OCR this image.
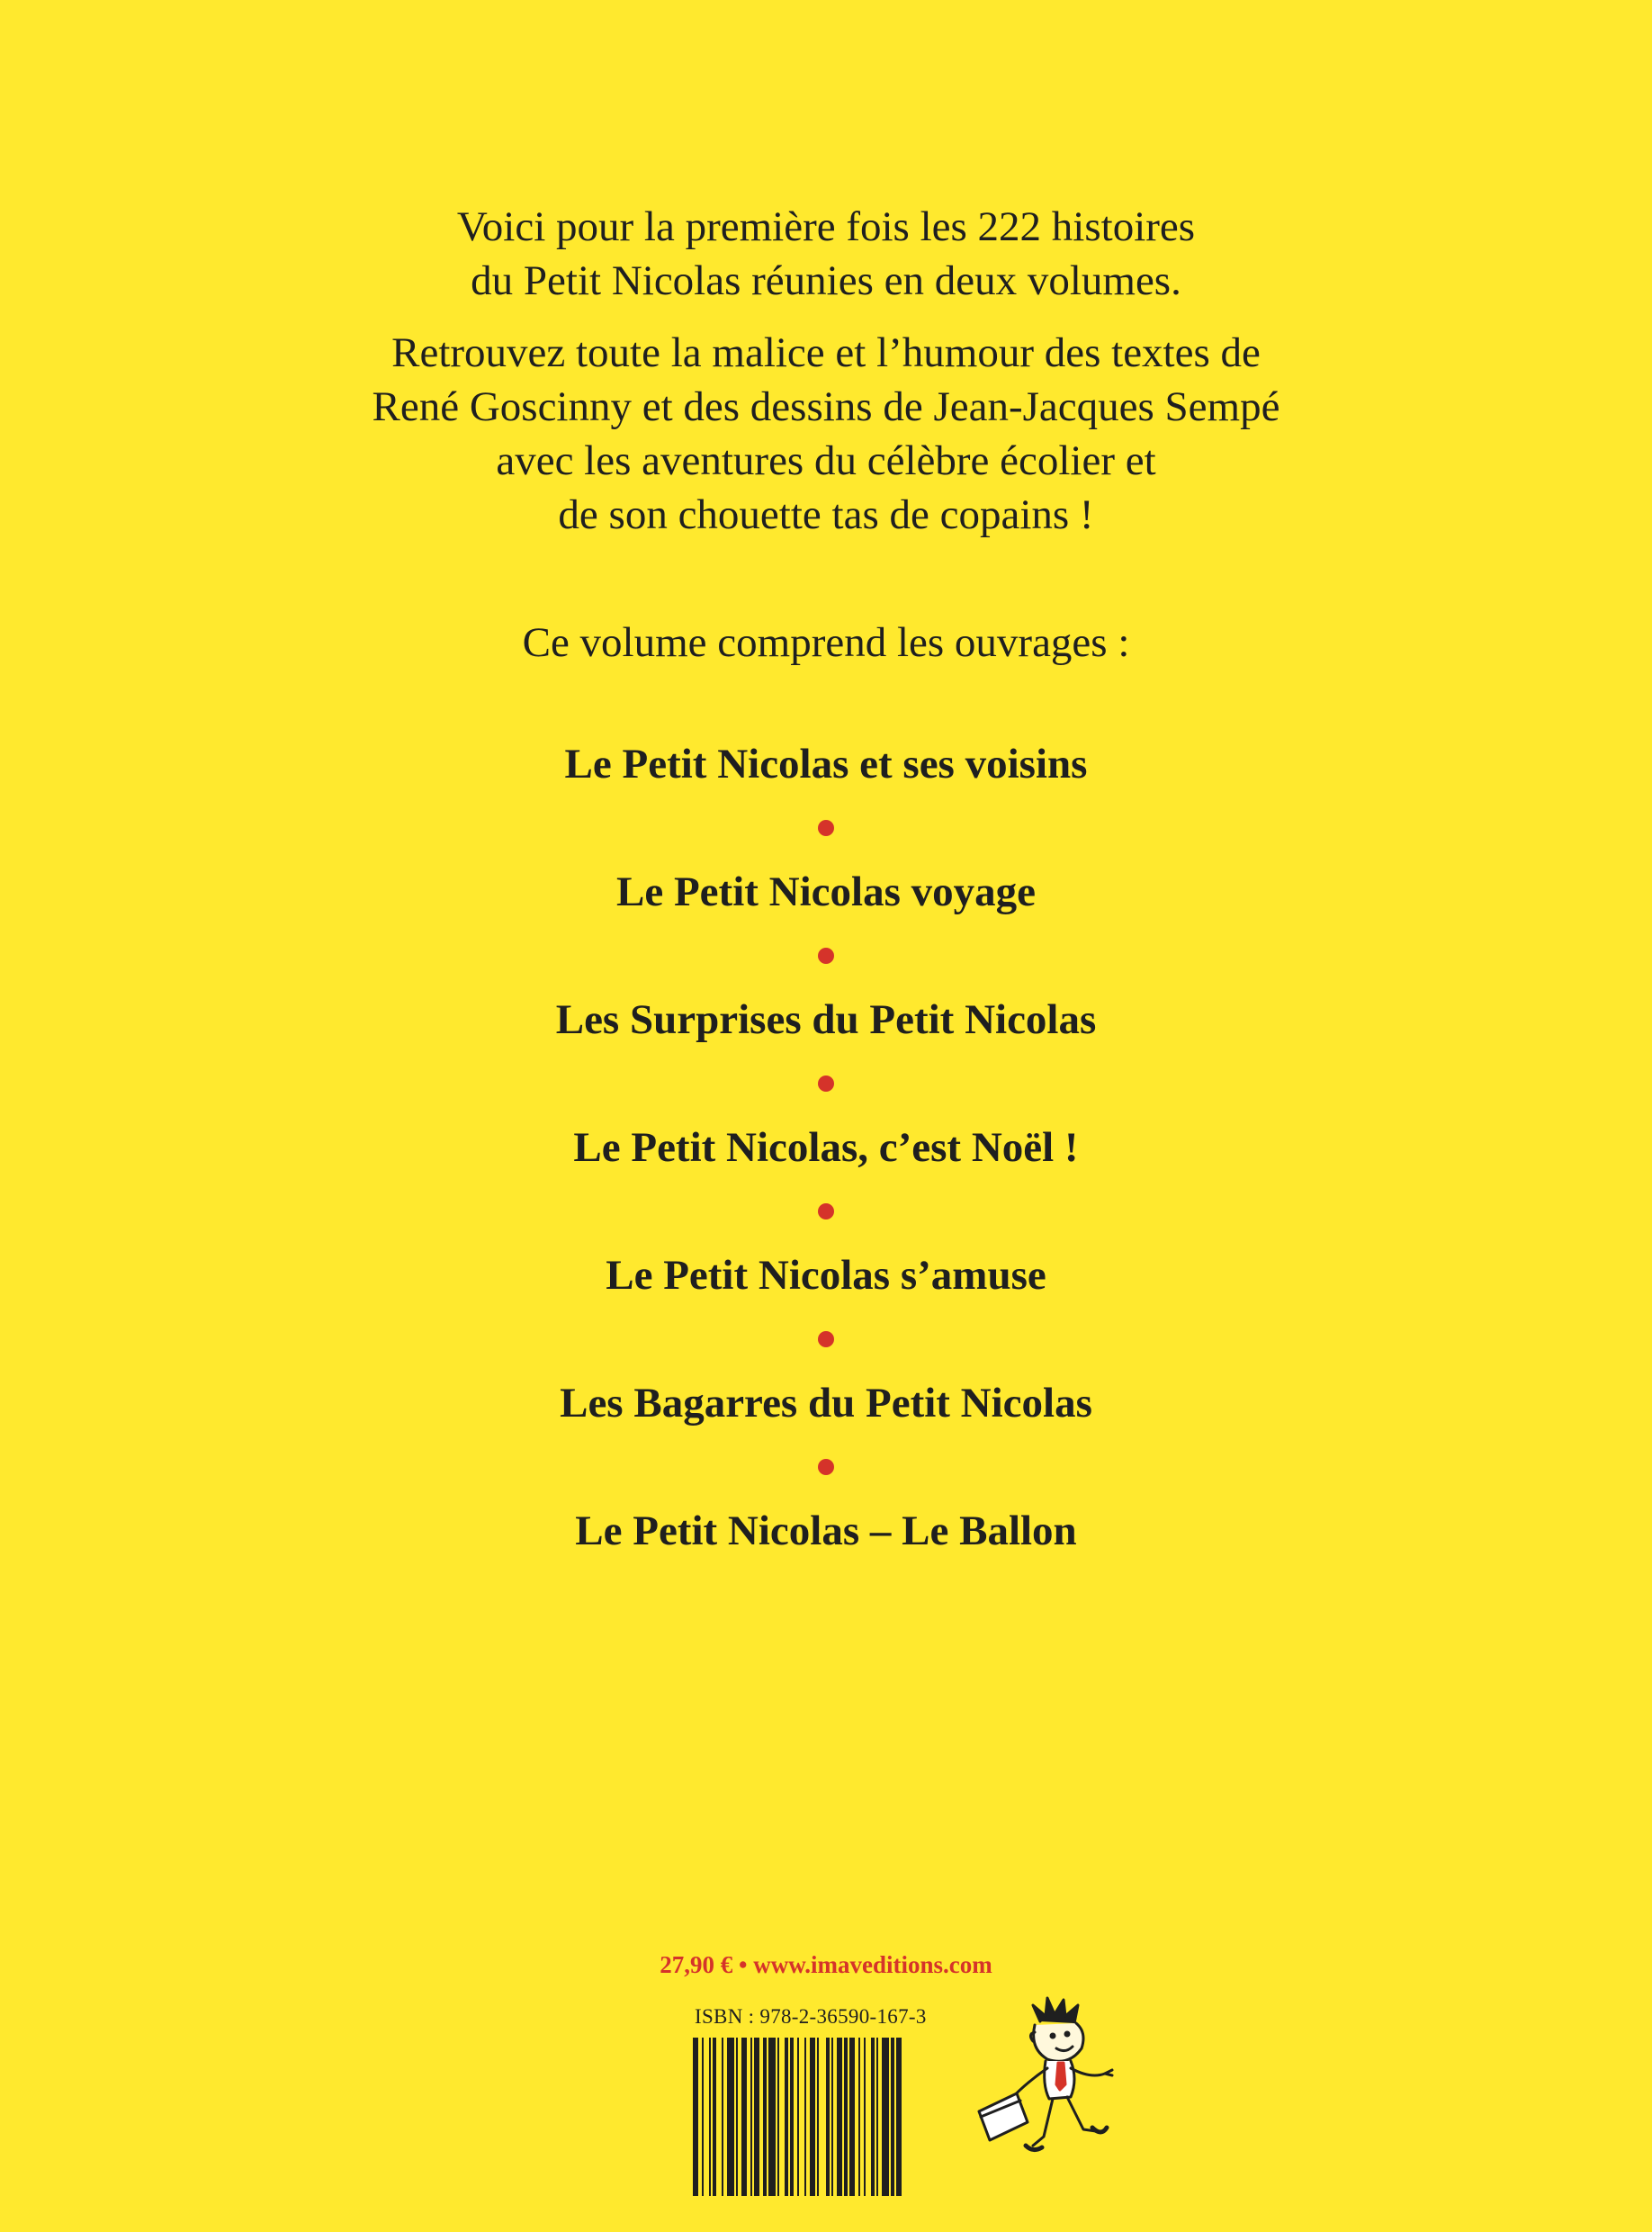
Voici pour la première fois les 222 histoires

du Petit Nicolas réunies en deux volumes.

Retrouvez toute la malice et l’humour des textes de

René Goscinny et des dessins de Jean-Jacques Sempé

avec les aventures du célèbre écolier et

de son chouette tas de copains !

Ce volume comprend les ouvrages :
Le Petit Nicolas et ses voisins
Le Petit Nicolas voyage
Les Surprises du Petit Nicolas
Le Petit Nicolas, c’est Noël !
Le Petit Nicolas s’amuse
Les Bagarres du Petit Nicolas
Le Petit Nicolas – Le Ballon
27,90 € • www.imaveditions.com
ISBN : 978-2-36590-167-3
